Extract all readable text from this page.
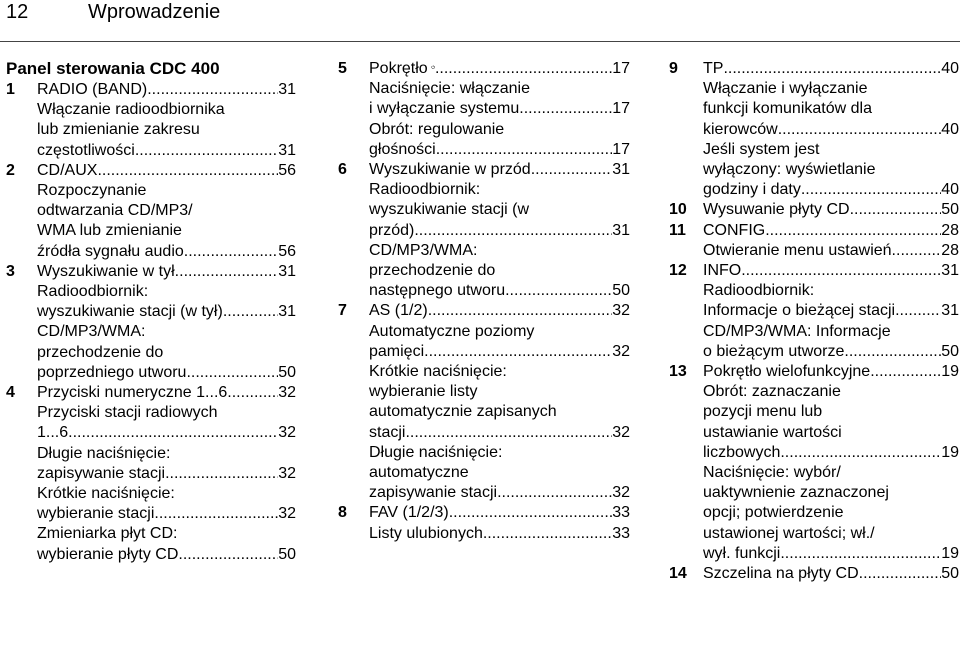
12	Wprowadzenie
Panel sterowania CDC 400
1 RADIO (BAND) .....	31
Włączanie radioodbiornika
lub zmienianie zakresu
częstotliwości .....	31
2 CD/AUX .....	56
Rozpoczynanie
odtwarzania CD/MP3/
WMA lub zmienianie
źródła sygnału audio .....	56
3 Wyszukiwanie w tył .....	31
Radioodbiornik:
wyszukiwanie stacji (w tył) .....	31
CD/MP3/WMA:
przechodzenie do
poprzedniego utworu .....	50
4 Przyciski numeryczne 1...6 .....	32
Przyciski stacji radiowych
1...6 .....	32
Długie naciśnięcie:
zapisywanie stacji .....	32
Krótkie naciśnięcie:
wybieranie stacji .....	32
Zmieniarka płyt CD:
wybieranie płyty CD .....	50
5 Pokrętło .....	17
Naciśnięcie: włączanie
i wyłączanie systemu .....	17
Obrót: regulowanie
głośności .....	17
6 Wyszukiwanie w przód .....	31
Radioodbiornik:
wyszukiwanie stacji (w
przód) .....	31
CD/MP3/WMA:
przechodzenie do
następnego utworu .....	50
7 AS (1/2) .....	32
Automatyczne poziomy
pamięci .....	32
Krótkie naciśnięcie:
wybieranie listy
automatycznie zapisanych
stacji .....	32
Długie naciśnięcie:
automatyczne
zapisywanie stacji .....	32
8 FAV (1/2/3) .....	33
Listy ulubionych .....	33
9 TP .....	40
Włączanie i wyłączanie
funkcji komunikatów dla
kierowców .....	40
Jeśli system jest
wyłączony: wyświetlanie
godziny i daty .....	40
10 Wysuwanie płyty CD .....	50
11 CONFIG .....	28
Otwieranie menu ustawień .....	28
12 INFO .....	31
Radioodbiornik:
Informacje o bieżącej stacji .....	31
CD/MP3/WMA: Informacje
o bieżącym utworze .....	50
13 Pokrętło wielofunkcyjne .....	19
Obrót: zaznaczanie
pozycji menu lub
ustawianie wartości
liczbowych .....	19
Naciśnięcie: wybór/
uaktywnienie zaznaczonej
opcji; potwierdzenie
ustawionej wartości; wł./
wył. funkcji .....	19
14 Szczelina na płyty CD .....	50
